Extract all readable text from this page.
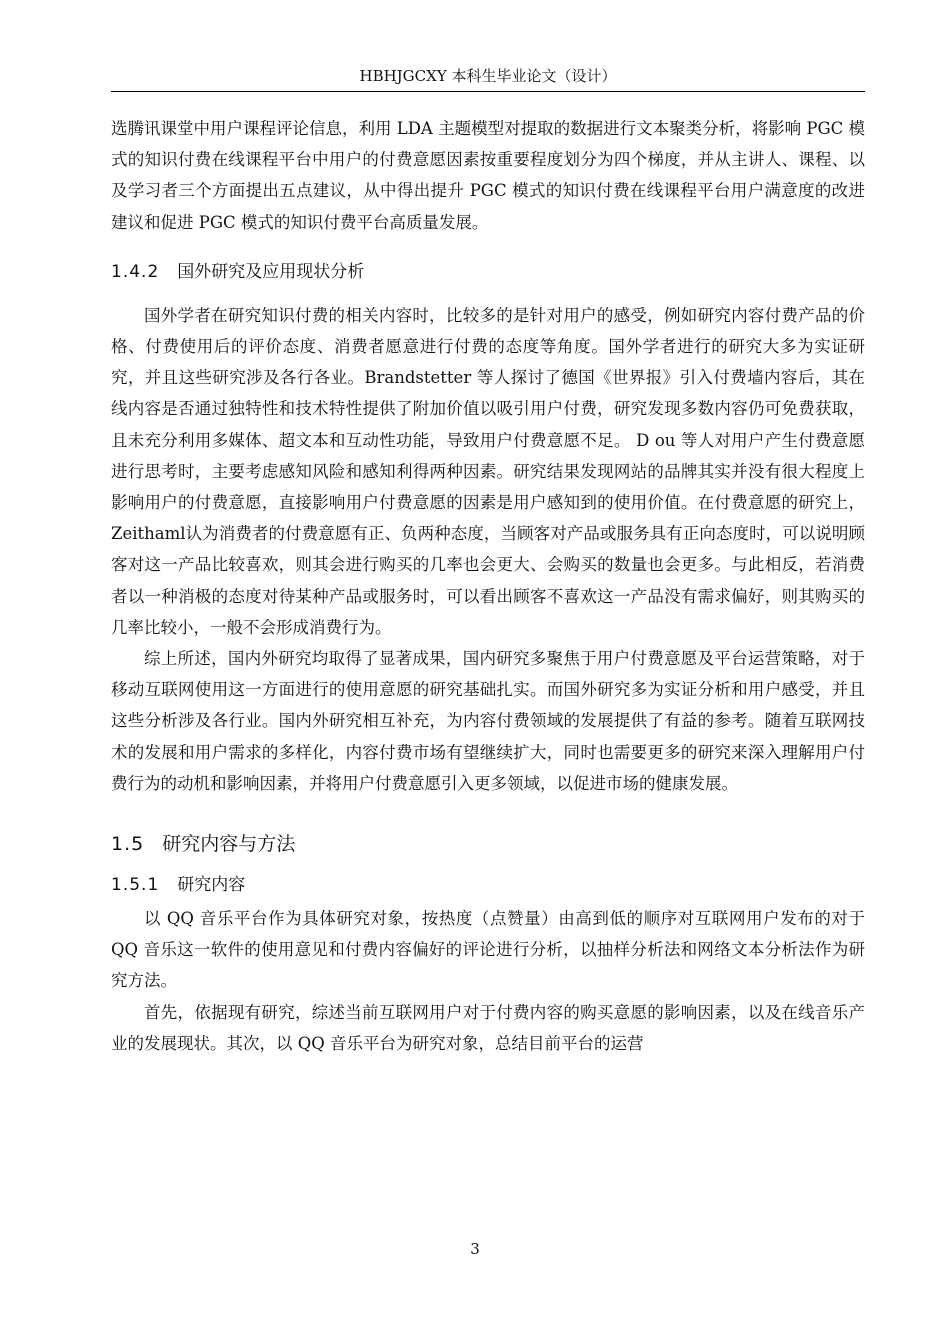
HBHJGCXY 本科生毕业论文（设计）

选腾讯课堂中用户课程评论信息，利用 LDA 主题模型对提取的数据进行文本聚类分析，将影响 PGC 模式的知识付费在线课程平台中用户的付费意愿因素按重要程度划分为四个梯度，并从主讲人、课程、以及学习者三个方面提出五点建议，从中得出提升 PGC 模式的知识付费在线课程平台用户满意度的改进建议和促进 PGC 模式的知识付费平台高质量发展。

1.4.2 国外研究及应用现状分析

国外学者在研究知识付费的相关内容时，比较多的是针对用户的感受，例如研究内容付费产品的价格、付费使用后的评价态度、消费者愿意进行付费的态度等角度。国外学者进行的研究大多为实证研究，并且这些研究涉及各行各业。Brandstetter 等人探讨了德国《世界报》引入付费墙内容后，其在线内容是否通过独特性和技术特性提供了附加价值以吸引用户付费，研究发现多数内容仍可免费获取，且未充分利用多媒体、超文本和互动性功能，导致用户付费意愿不足。 D ou 等人对用户产生付费意愿进行思考时，主要考虑感知风险和感知利得两种因素。研究结果发现网站的品牌其实并没有很大程度上影响用户的付费意愿，直接影响用户付费意愿的因素是用户感知到的使用价值。在付费意愿的研究上，Zeithaml认为消费者的付费意愿有正、负两种态度，当顾客对产品或服务具有正向态度时，可以说明顾客对这一产品比较喜欢，则其会进行购买的几率也会更大、会购买的数量也会更多。与此相反，若消费者以一种消极的态度对待某种产品或服务时，可以看出顾客不喜欢这一产品没有需求偏好，则其购买的几率比较小，一般不会形成消费行为。

综上所述，国内外研究均取得了显著成果，国内研究多聚焦于用户付费意愿及平台运营策略，对于移动互联网使用这一方面进行的使用意愿的研究基础扎实。而国外研究多为实证分析和用户感受，并且这些分析涉及各行业。国内外研究相互补充，为内容付费领域的发展提供了有益的参考。随着互联网技术的发展和用户需求的多样化，内容付费市场有望继续扩大，同时也需要更多的研究来深入理解用户付费行为的动机和影响因素，并将用户付费意愿引入更多领域，以促进市场的健康发展。

1.5 研究内容与方法
1.5.1 研究内容

以 QQ 音乐平台作为具体研究对象，按热度（点赞量）由高到低的顺序对互联网用户发布的对于 QQ 音乐这一软件的使用意见和付费内容偏好的评论进行分析，以抽样分析法和网络文本分析法作为研究方法。

首先，依据现有研究，综述当前互联网用户对于付费内容的购买意愿的影响因素，以及在线音乐产业的发展现状。其次，以 QQ 音乐平台为研究对象，总结目前平台的运营

3
